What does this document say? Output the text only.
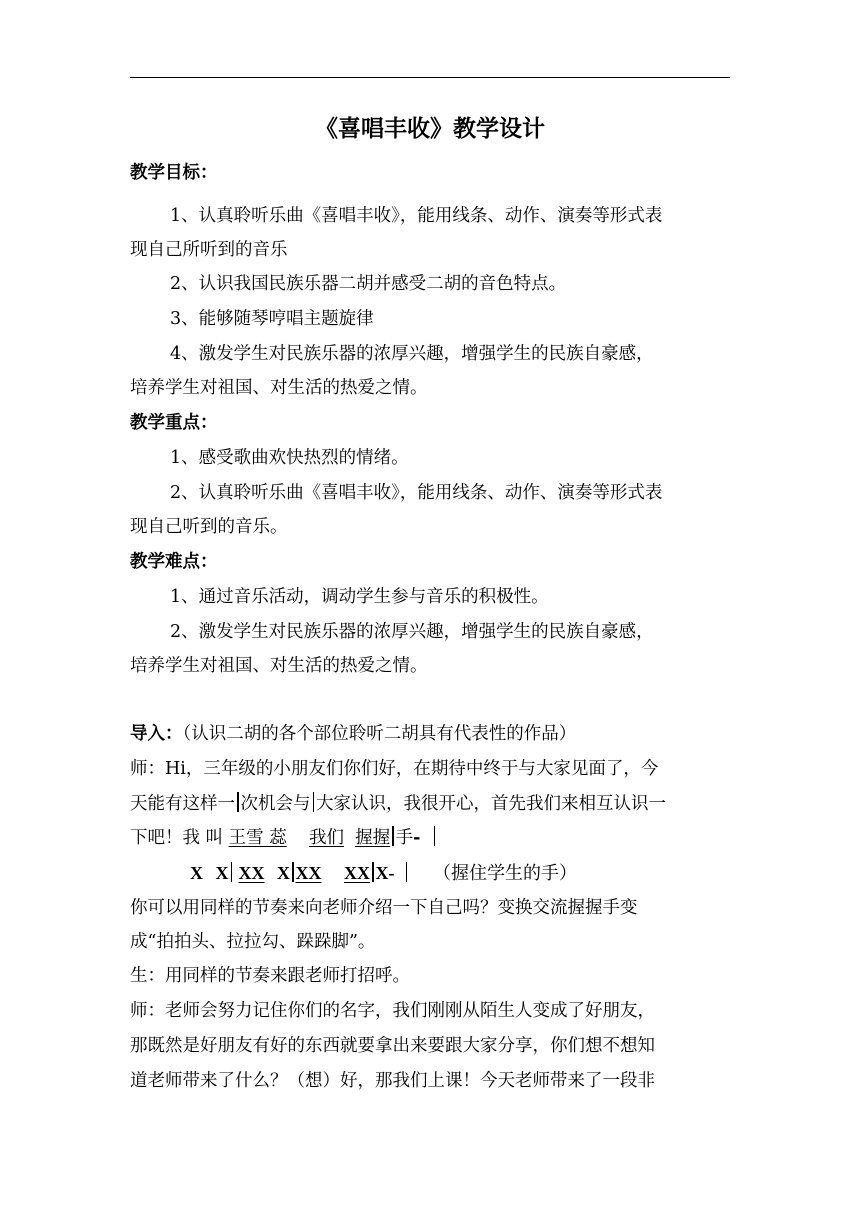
《喜唱丰收》教学设计
教学目标：
1、认真聆听乐曲《喜唱丰收》，能用线条、动作、演奏等形式表
现自己所听到的音乐
2、认识我国民族乐器二胡并感受二胡的音色特点。
3、能够随琴哼唱主题旋律
4、激发学生对民族乐器的浓厚兴趣，增强学生的民族自豪感，
培养学生对祖国、对生活的热爱之情。
教学重点：
1、感受歌曲欢快热烈的情绪。
2、认真聆听乐曲《喜唱丰收》，能用线条、动作、演奏等形式表
现自己听到的音乐。
教学难点：
1、通过音乐活动，调动学生参与音乐的积极性。
2、激发学生对民族乐器的浓厚兴趣，增强学生的民族自豪感，
培养学生对祖国、对生活的热爱之情。
导入：（认识二胡的各个部位聆听二胡具有代表性的作品）
师：Hi，三年级的小朋友们你们好，在期待中终于与大家见面了，今
天能有这样一 次机会与 大家认识，我很开心，首先我们来相互认识一
下吧！我 叫 王雪 蕊 我们 握握 手-
X X XX X XX XX X- （握住学生的手）
你可以用同样的节奏来向老师介绍一下自己吗？变换交流握握手变
成“拍拍头、拉拉勾、跺跺脚”。
生：用同样的节奏来跟老师打招呼。
师：老师会努力记住你们的名字，我们刚刚从陌生人变成了好朋友，
那既然是好朋友有好的东西就要拿出来要跟大家分享，你们想不想知
道老师带来了什么？（想）好，那我们上课！今天老师带来了一段非
